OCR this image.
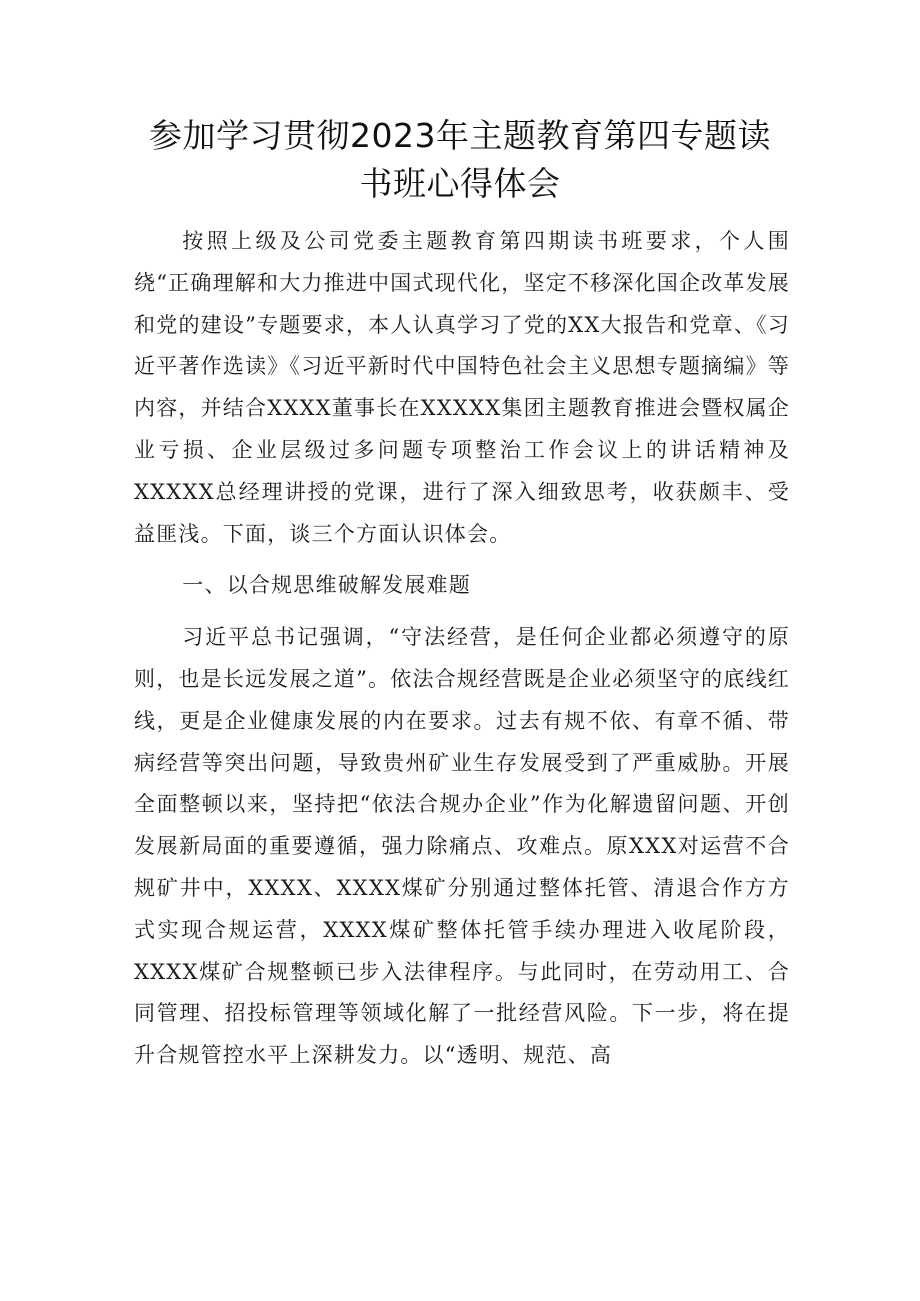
参加学习贯彻2023年主题教育第四专题读
书班心得体会

按照上级及公司党委主题教育第四期读书班要求，个人围绕“正确理解和大力推进中国式现代化，坚定不移深化国企改革发展和党的建设”专题要求，本人认真学习了党的XX大报告和党章、《习近平著作选读》《习近平新时代中国特色社会主义思想专题摘编》等内容，并结合XXXX董事长在XXXXX集团主题教育推进会暨权属企业亏损、企业层级过多问题专项整治工作会议上的讲话精神及XXXXX总经理讲授的党课，进行了深入细致思考，收获颇丰、受益匪浅。下面，谈三个方面认识体会。

一、以合规思维破解发展难题

习近平总书记强调，“守法经营，是任何企业都必须遵守的原则，也是长远发展之道”。依法合规经营既是企业必须坚守的底线红线，更是企业健康发展的内在要求。过去有规不依、有章不循、带病经营等突出问题，导致贵州矿业生存发展受到了严重威胁。开展全面整顿以来，坚持把“依法合规办企业”作为化解遗留问题、开创发展新局面的重要遵循，强力除痛点、攻难点。原XXX对运营不合规矿井中，XXXX、XXXX煤矿分别通过整体托管、清退合作方方式实现合规运营，XXXX煤矿整体托管手续办理进入收尾阶段，XXXX煤矿合规整顿已步入法律程序。与此同时，在劳动用工、合同管理、招投标管理等领域化解了一批经营风险。下一步，将在提升合规管控水平上深耕发力。以“透明、规范、高
